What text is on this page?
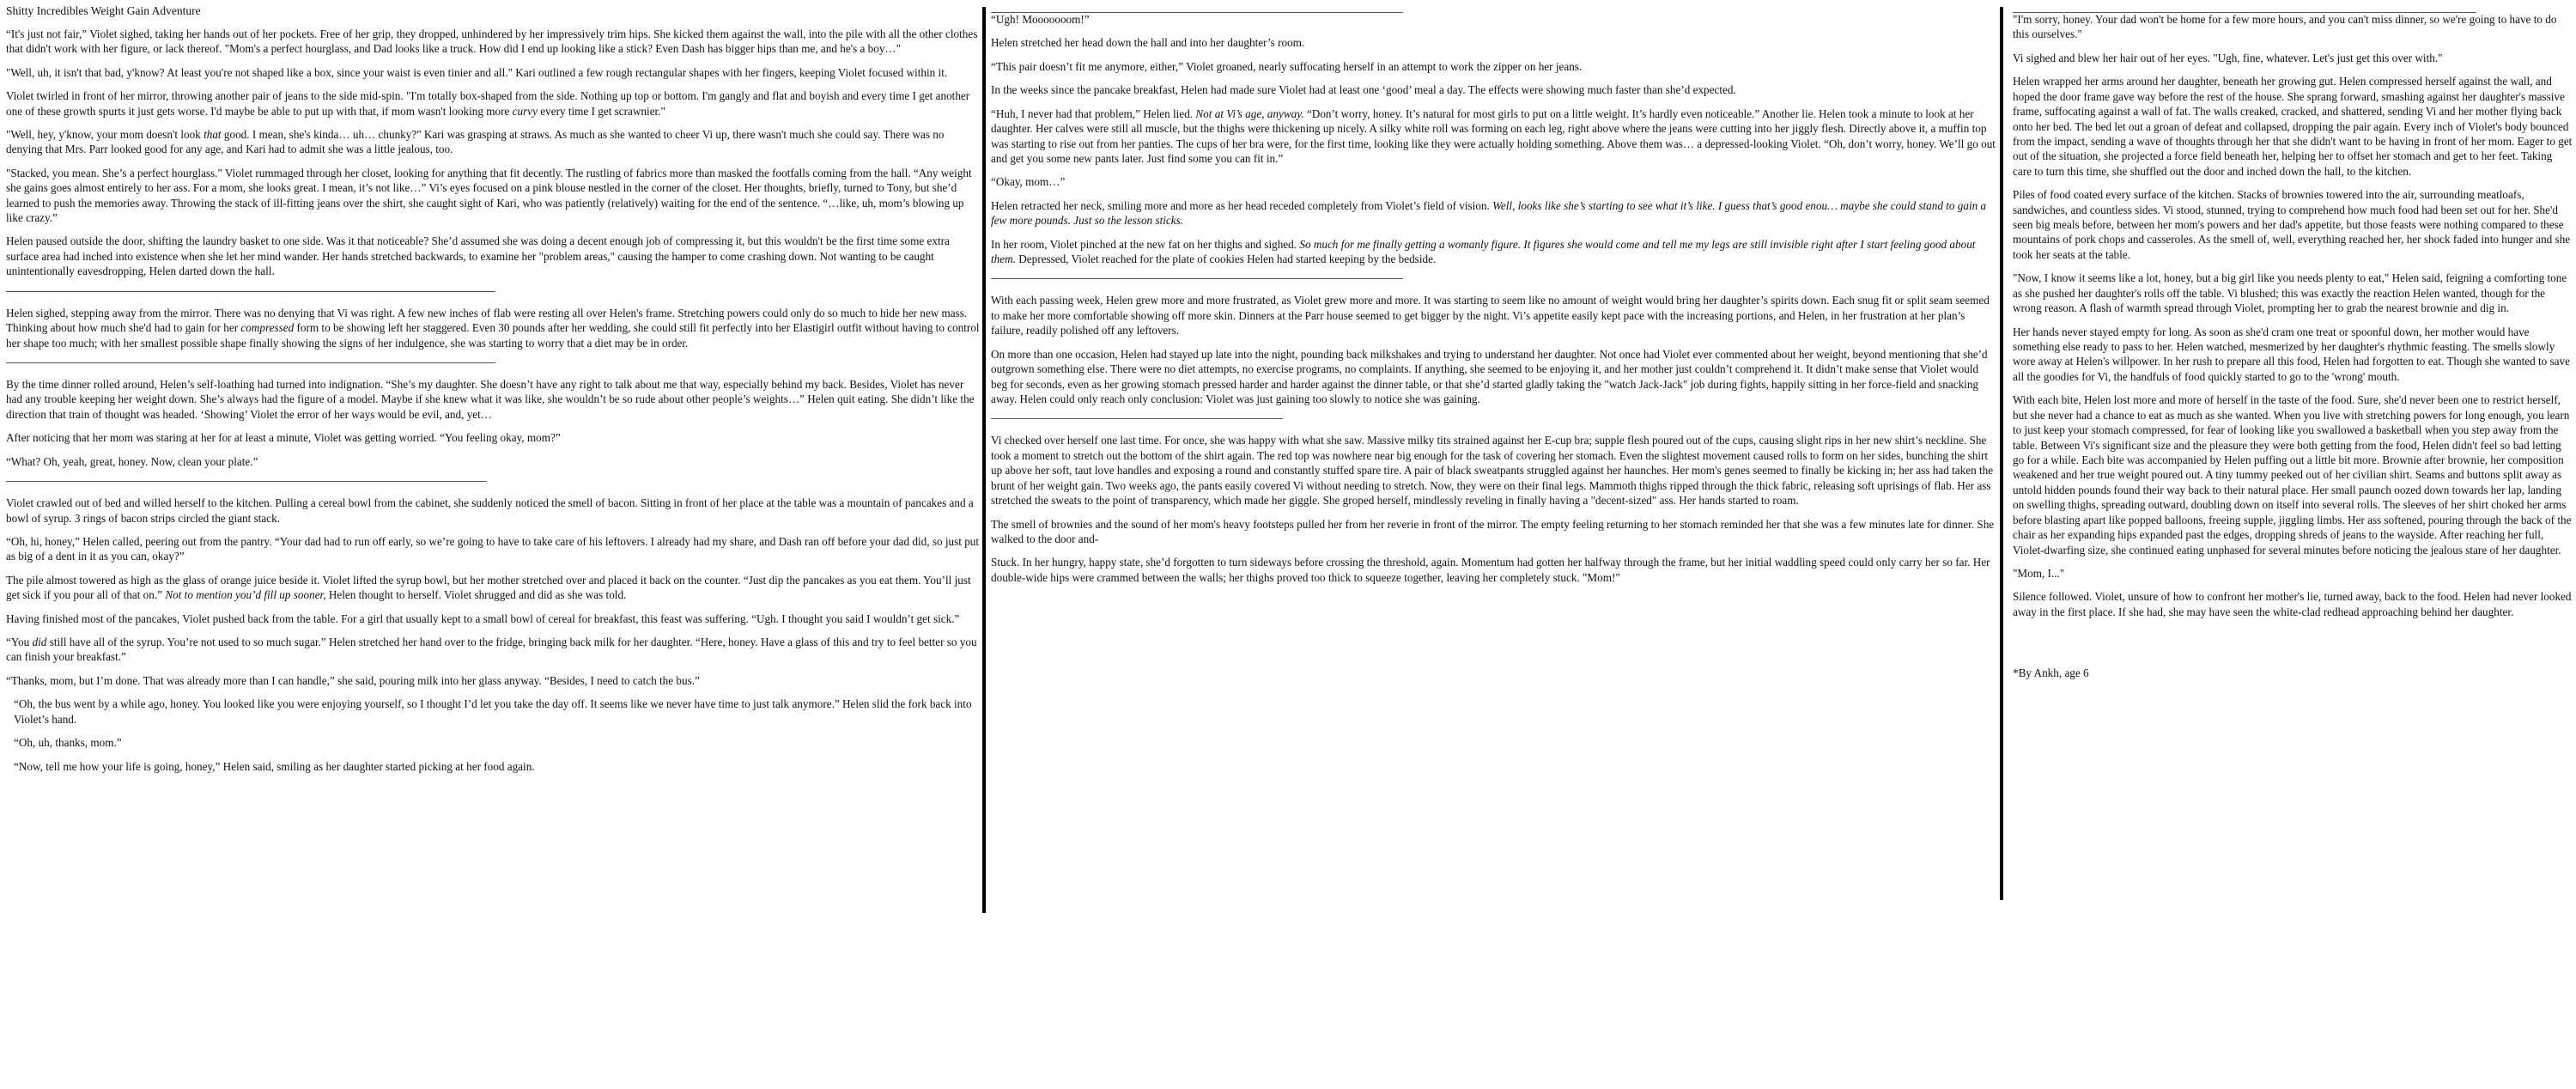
Shitty Incredibles Weight Gain Adventure

“It's just not fair,” Violet sighed, taking her hands out of her pockets. Free of her grip, they dropped, unhindered by her impressively trim hips. She kicked them against the wall, into the pile with all the other clothes that didn't work with her figure, or lack thereof. "Mom's a perfect hourglass, and Dad looks like a truck. How did I end up looking like a stick? Even Dash has bigger hips than me, and he's a boy…"

"Well, uh, it isn't that bad, y'know? At least you're not shaped like a box, since your waist is even tinier and all." Kari outlined a few rough rectangular shapes with her fingers, keeping Violet focused within it.

Violet twirled in front of her mirror, throwing another pair of jeans to the side mid-spin. "I'm totally box-shaped from the side. Nothing up top or bottom. I'm gangly and flat and boyish and every time I get another one of these growth spurts it just gets worse. I'd maybe be able to put up with that, if mom wasn't looking more curvy every time I get scrawnier."

"Well, hey, y'know, your mom doesn't look that good. I mean, she's kinda… uh… chunky?" Kari was grasping at straws. As much as she wanted to cheer Vi up, there wasn't much she could say. There was no denying that Mrs. Parr looked good for any age, and Kari had to admit she was a little jealous, too.

"Stacked, you mean. She’s a perfect hourglass." Violet rummaged through her closet, looking for anything that fit decently. The rustling of fabrics more than masked the footfalls coming from the hall. “Any weight she gains goes almost entirely to her ass. For a mom, she looks great. I mean, it’s not like…” Vi’s eyes focused on a pink blouse nestled in the corner of the closet. Her thoughts, briefly, turned to Tony, but she’d learned to push the memories away. Throwing the stack of ill-fitting jeans over the shirt, she caught sight of Kari, who was patiently (relatively) waiting for the end of the sentence. “…like, uh, mom’s blowing up like crazy.”

Helen paused outside the door, shifting the laundry basket to one side. Was it that noticeable? She’d assumed she was doing a decent enough job of compressing it, but this wouldn't be the first time some extra surface area had inched into existence when she let her mind wander. Her hands stretched backwards, to examine her "problem areas," causing the hamper to come crashing down. Not wanting to be caught unintentionally eavesdropping, Helen darted down the hall.

Helen sighed, stepping away from the mirror. There was no denying that Vi was right. A few new inches of flab were resting all over Helen's frame. Stretching powers could only do so much to hide her new mass. Thinking about how much she'd had to gain for her compressed form to be showing left her staggered. Even 30 pounds after her wedding, she could still fit perfectly into her Elastigirl outfit without having to control her shape too much; with her smallest possible shape finally showing the signs of her indulgence, she was starting to worry that a diet may be in order.

By the time dinner rolled around, Helen’s self-loathing had turned into indignation. “She’s my daughter. She doesn’t have any right to talk about me that way, especially behind my back. Besides, Violet has never had any trouble keeping her weight down. She’s always had the figure of a model. Maybe if she knew what it was like, she wouldn’t be so rude about other people’s weights…” Helen quit eating. She didn’t like the direction that train of thought was headed. ‘Showing’ Violet the error of her ways would be evil, and, yet…

After noticing that her mom was staring at her for at least a minute, Violet was getting worried. “You feeling okay, mom?”

“What? Oh, yeah, great, honey. Now, clean your plate.”

Violet crawled out of bed and willed herself to the kitchen. Pulling a cereal bowl from the cabinet, she suddenly noticed the smell of bacon. Sitting in front of her place at the table was a mountain of pancakes and a bowl of syrup. 3 rings of bacon strips circled the giant stack.

“Oh, hi, honey,” Helen called, peering out from the pantry. “Your dad had to run off early, so we’re going to have to take care of his leftovers. I already had my share, and Dash ran off before your dad did, so just put as big of a dent in it as you can, okay?”

The pile almost towered as high as the glass of orange juice beside it. Violet lifted the syrup bowl, but her mother stretched over and placed it back on the counter. “Just dip the pancakes as you eat them. You’ll just get sick if you pour all of that on.” Not to mention you’d fill up sooner, Helen thought to herself. Violet shrugged and did as she was told.

Having finished most of the pancakes, Violet pushed back from the table. For a girl that usually kept to a small bowl of cereal for breakfast, this feast was suffering. “Ugh. I thought you said I wouldn’t get sick.”

“You did still have all of the syrup. You’re not used to so much sugar.” Helen stretched her hand over to the fridge, bringing back milk for her daughter. “Here, honey. Have a glass of this and try to feel better so you can finish your breakfast.”

“Thanks, mom, but I’m done. That was already more than I can handle,” she said, pouring milk into her glass anyway. “Besides, I need to catch the bus.”

“Oh, the bus went by a while ago, honey. You looked like you were enjoying yourself, so I thought I’d let you take the day off. It seems like we never have time to just talk anymore.” Helen slid the fork back into Violet’s hand.

“Oh, uh, thanks, mom.”

“Now, tell me how your life is going, honey,” Helen said, smiling as her daughter started picking at her food again.

“Ugh! Mooooooom!”

Helen stretched her head down the hall and into her daughter’s room.

“This pair doesn’t fit me anymore, either,” Violet groaned, nearly suffocating herself in an attempt to work the zipper on her jeans.

In the weeks since the pancake breakfast, Helen had made sure Violet had at least one ‘good’ meal a day. The effects were showing much faster than she’d expected.

“Huh, I never had that problem,” Helen lied. Not at Vi’s age, anyway. “Don’t worry, honey. It’s natural for most girls to put on a little weight. It’s hardly even noticeable.” Another lie. Helen took a minute to look at her daughter. Her calves were still all muscle, but the thighs were thickening up nicely. A silky white roll was forming on each leg, right above where the jeans were cutting into her jiggly flesh. Directly above it, a muffin top was starting to rise out from her panties. The cups of her bra were, for the first time, looking like they were actually holding something. Above them was… a depressed-looking Violet. “Oh, don’t worry, honey. We’ll go out and get you some new pants later. Just find some you can fit in.”

“Okay, mom…”

Helen retracted her neck, smiling more and more as her head receded completely from Violet’s field of vision. Well, looks like she’s starting to see what it’s like. I guess that’s good enou… maybe she could stand to gain a few more pounds. Just so the lesson sticks.

In her room, Violet pinched at the new fat on her thighs and sighed. So much for me finally getting a womanly figure. It figures she would come and tell me my legs are still invisible right after I start feeling good about them. Depressed, Violet reached for the plate of cookies Helen had started keeping by the bedside.

With each passing week, Helen grew more and more frustrated, as Violet grew more and more. It was starting to seem like no amount of weight would bring her daughter’s spirits down. Each snug fit or split seam seemed to make her more comfortable showing off more skin. Dinners at the Parr house seemed to get bigger by the night. Vi’s appetite easily kept pace with the increasing portions, and Helen, in her frustration at her plan’s failure, readily polished off any leftovers.

On more than one occasion, Helen had stayed up late into the night, pounding back milkshakes and trying to understand her daughter. Not once had Violet ever commented about her weight, beyond mentioning that she’d outgrown something else. There were no diet attempts, no exercise programs, no complaints. If anything, she seemed to be enjoying it, and her mother just couldn’t comprehend it. It didn’t make sense that Violet would beg for seconds, even as her growing stomach pressed harder and harder against the dinner table, or that she’d started gladly taking the "watch Jack-Jack" job during fights, happily sitting in her force-field and snacking away. Helen could only reach only conclusion: Violet was just gaining too slowly to notice she was gaining.

Vi checked over herself one last time. For once, she was happy with what she saw. Massive milky tits strained against her E-cup bra; supple flesh poured out of the cups, causing slight rips in her new shirt’s neckline. She took a moment to stretch out the bottom of the shirt again. The red top was nowhere near big enough for the task of covering her stomach. Even the slightest movement caused rolls to form on her sides, bunching the shirt up above her soft, taut love handles and exposing a round and constantly stuffed spare tire. A pair of black sweatpants struggled against her haunches. Her mom's genes seemed to finally be kicking in; her ass had taken the brunt of her weight gain. Two weeks ago, the pants easily covered Vi without needing to stretch. Now, they were on their final legs. Mammoth thighs ripped through the thick fabric, releasing soft uprisings of flab. Her ass stretched the sweats to the point of transparency, which made her giggle. She groped herself, mindlessly reveling in finally having a "decent-sized" ass. Her hands started to roam.

The smell of brownies and the sound of her mom's heavy footsteps pulled her from her reverie in front of the mirror. The empty feeling returning to her stomach reminded her that she was a few minutes late for dinner. She walked to the door and-

Stuck. In her hungry, happy state, she’d forgotten to turn sideways before crossing the threshold, again. Momentum had gotten her halfway through the frame, but her initial waddling speed could only carry her so far. Her double-wide hips were crammed between the walls; her thighs proved too thick to squeeze together, leaving her completely stuck. "Mom!"

"I'm sorry, honey. Your dad won't be home for a few more hours, and you can't miss dinner, so we're going to have to do this ourselves."

Vi sighed and blew her hair out of her eyes. "Ugh, fine, whatever. Let's just get this over with."

Helen wrapped her arms around her daughter, beneath her growing gut. Helen compressed herself against the wall, and hoped the door frame gave way before the rest of the house. She sprang forward, smashing against her daughter's massive frame, suffocating against a wall of fat. The walls creaked, cracked, and shattered, sending Vi and her mother flying back onto her bed. The bed let out a groan of defeat and collapsed, dropping the pair again. Every inch of Violet's body bounced from the impact, sending a wave of thoughts through her that she didn't want to be having in front of her mom. Eager to get out of the situation, she projected a force field beneath her, helping her to offset her stomach and get to her feet. Taking care to turn this time, she shuffled out the door and inched down the hall, to the kitchen.

Piles of food coated every surface of the kitchen. Stacks of brownies towered into the air, surrounding meatloafs, sandwiches, and countless sides. Vi stood, stunned, trying to comprehend how much food had been set out for her. She'd seen big meals before, between her mom's powers and her dad's appetite, but those feasts were nothing compared to these mountains of pork chops and casseroles. As the smell of, well, everything reached her, her shock faded into hunger and she took her seats at the table.

"Now, I know it seems like a lot, honey, but a big girl like you needs plenty to eat," Helen said, feigning a comforting tone as she pushed her daughter's rolls off the table. Vi blushed; this was exactly the reaction Helen wanted, though for the wrong reason. A flash of warmth spread through Violet, prompting her to grab the nearest brownie and dig in.

Her hands never stayed empty for long. As soon as she'd cram one treat or spoonful down, her mother would have something else ready to pass to her. Helen watched, mesmerized by her daughter's rhythmic feasting. The smells slowly wore away at Helen's willpower. In her rush to prepare all this food, Helen had forgotten to eat. Though she wanted to save all the goodies for Vi, the handfuls of food quickly started to go to the 'wrong' mouth.

With each bite, Helen lost more and more of herself in the taste of the food. Sure, she'd never been one to restrict herself, but she never had a chance to eat as much as she wanted. When you live with stretching powers for long enough, you learn to just keep your stomach compressed, for fear of looking like you swallowed a basketball when you step away from the table. Between Vi's significant size and the pleasure they were both getting from the food, Helen didn't feel so bad letting go for a while. Each bite was accompanied by Helen puffing out a little bit more. Brownie after brownie, her composition weakened and her true weight poured out. A tiny tummy peeked out of her civilian shirt. Seams and buttons split away as untold hidden pounds found their way back to their natural place. Her small paunch oozed down towards her lap, landing on swelling thighs, spreading outward, doubling down on itself into several rolls. The sleeves of her shirt choked her arms before blasting apart like popped balloons, freeing supple, jiggling limbs. Her ass softened, pouring through the back of the chair as her expanding hips expanded past the edges, dropping shreds of jeans to the wayside. After reaching her full, Violet-dwarfing size, she continued eating unphased for several minutes before noticing the jealous stare of her daughter.

"Mom, I..."

Silence followed. Violet, unsure of how to confront her mother's lie, turned away, back to the food. Helen had never looked away in the first place. If she had, she may have seen the white-clad redhead approaching behind her daughter.

*By Ankh, age 6
